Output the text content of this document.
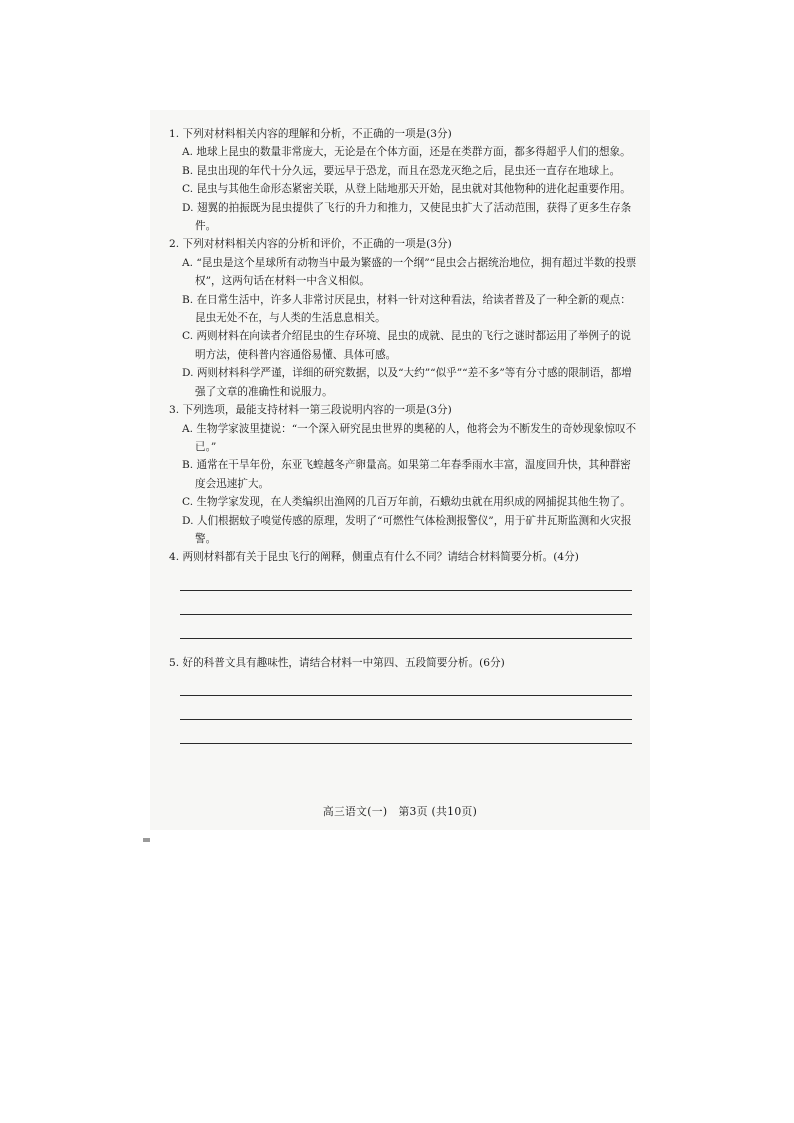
1. 下列对材料相关内容的理解和分析，不正确的一项是(3分)
A. 地球上昆虫的数量非常庞大，无论是在个体方面，还是在类群方面，都多得超乎人们的想象。
B. 昆虫出现的年代十分久远，要远早于恐龙，而且在恐龙灭绝之后，昆虫还一直存在地球上。
C. 昆虫与其他生命形态紧密关联，从登上陆地那天开始，昆虫就对其他物种的进化起重要作用。
D. 翅翼的拍振既为昆虫提供了飞行的升力和推力，又使昆虫扩大了活动范围，获得了更多生存条件。
2. 下列对材料相关内容的分析和评价，不正确的一项是(3分)
A. “昆虫是这个星球所有动物当中最为繁盛的一个纲”“昆虫会占据统治地位，拥有超过半数的投票权”，这两句话在材料一中含义相似。
B. 在日常生活中，许多人非常讨厌昆虫，材料一针对这种看法，给读者普及了一种全新的观点：昆虫无处不在，与人类的生活息息相关。
C. 两则材料在向读者介绍昆虫的生存环境、昆虫的成就、昆虫的飞行之谜时都运用了举例子的说明方法，使科普内容通俗易懂、具体可感。
D. 两则材料科学严谨，详细的研究数据，以及“大约”“似乎”“差不多”等有分寸感的限制语，都增强了文章的准确性和说服力。
3. 下列选项，最能支持材料一第三段说明内容的一项是(3分)
A. 生物学家波里捷说：“一个深入研究昆虫世界的奥秘的人，他将会为不断发生的奇妙现象惊叹不已。”
B. 通常在干旱年份，东亚飞蝗越冬产卵量高。如果第二年春季雨水丰富，温度回升快，其种群密度会迅速扩大。
C. 生物学家发现，在人类编织出渔网的几百万年前，石蛾幼虫就在用织成的网捕捉其他生物了。
D. 人们根据蚊子嗅觉传感的原理，发明了“可燃性气体检测报警仪”，用于矿井瓦斯监测和火灾报警。
4. 两则材料都有关于昆虫飞行的阐释，侧重点有什么不同？请结合材料简要分析。(4分)
5. 好的科普文具有趣味性，请结合材料一中第四、五段简要分析。(6分)
高三语文(一)　第3页 (共10页)
